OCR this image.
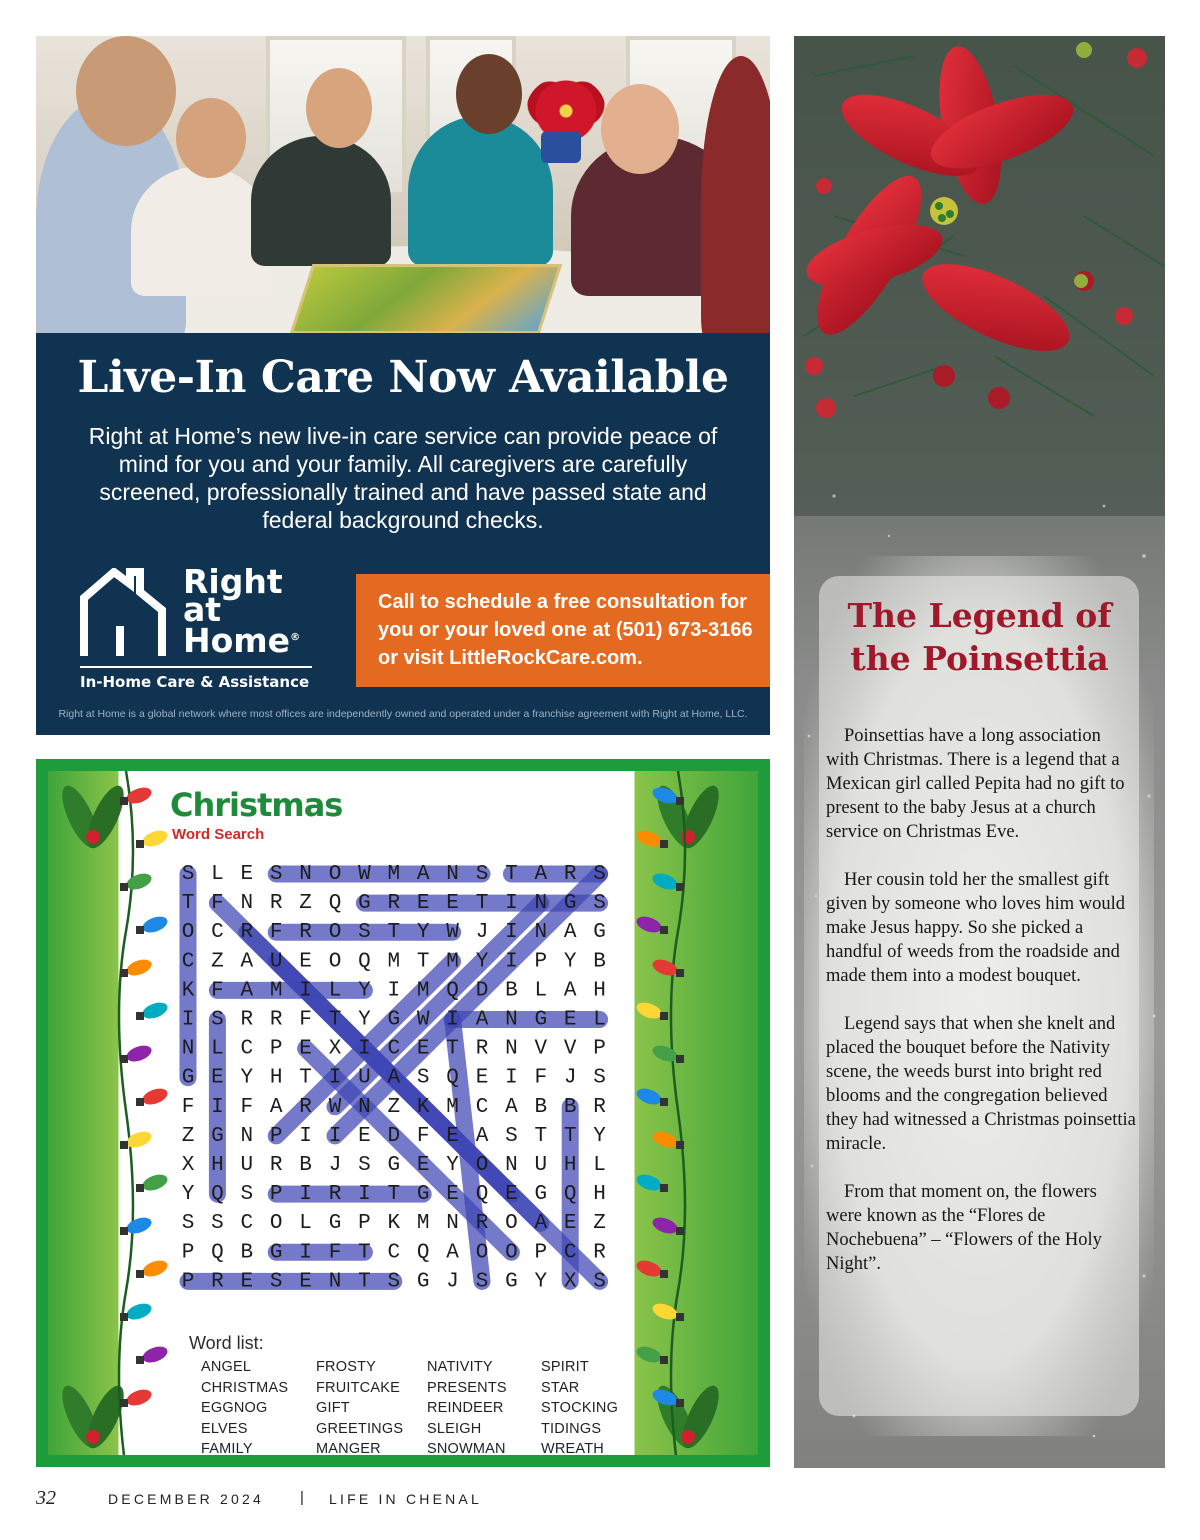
Live-In Care Now Available

Right at Home’s new live-in care service can provide peace of mind for you and your family. All caregivers are carefully screened, professionally trained and have passed state and federal background checks.

Right
at
Home®
In-Home Care & Assistance

Call to schedule a free consultation for you or your loved one at (501) 673-3166 or visit LittleRockCare.com.

Right at Home is a global network where most offices are independently owned and operated under a franchise agreement with Right at Home, LLC.
S L E S N O W M A N S T A R S
T F N R Z Q G R E E T I N G S
O C R F R O S T Y W J I N A G
C Z A U E O Q M T M Y I P Y B
K F A M I L Y I M Q D B L A H
I S R R F T Y G W I A N G E L
N L C P E X I C E T R N V V P
G E Y H T I U A S Q E I F J S
F I F A R W N Z K M C A B B R
Z G N P I I E D F E A S T T Y
X H U R B J S G E Y O N U H L
Y Q S P I R I T G E Q E G Q H
S S C O L G P K M N R O A E Z
P Q B G I F T C Q A O O P C R
P R E S E N T S G J S G Y X S
Christmas
Word Search
Word list:
ANGEL
CHRISTMAS
EGGNOG
ELVES
FAMILY
FROSTY
FRUITCAKE
GIFT
GREETINGS
MANGER
NATIVITY
PRESENTS
REINDEER
SLEIGH
SNOWMAN
SPIRIT
STAR
STOCKING
TIDINGS
WREATH
The Legend of
the Poinsettia

Poinsettias have a long association with Christmas. There is a legend that a Mexican girl called Pepita had no gift to present to the baby Jesus at a church service on Christmas Eve.

Her cousin told her the smallest gift given by someone who loves him would make Jesus happy. So she picked a handful of weeds from the roadside and made them into a modest bouquet.

Legend says that when she knelt and placed the bouquet before the Nativity scene, the weeds burst into bright red blooms and the congregation believed they had witnessed a Christmas poinsettia miracle.

From that moment on, the flowers were known as the “Flores de Nochebuena” – “Flowers of the Holy Night”.

32	DECEMBER 2024 | LIFE IN CHENAL
